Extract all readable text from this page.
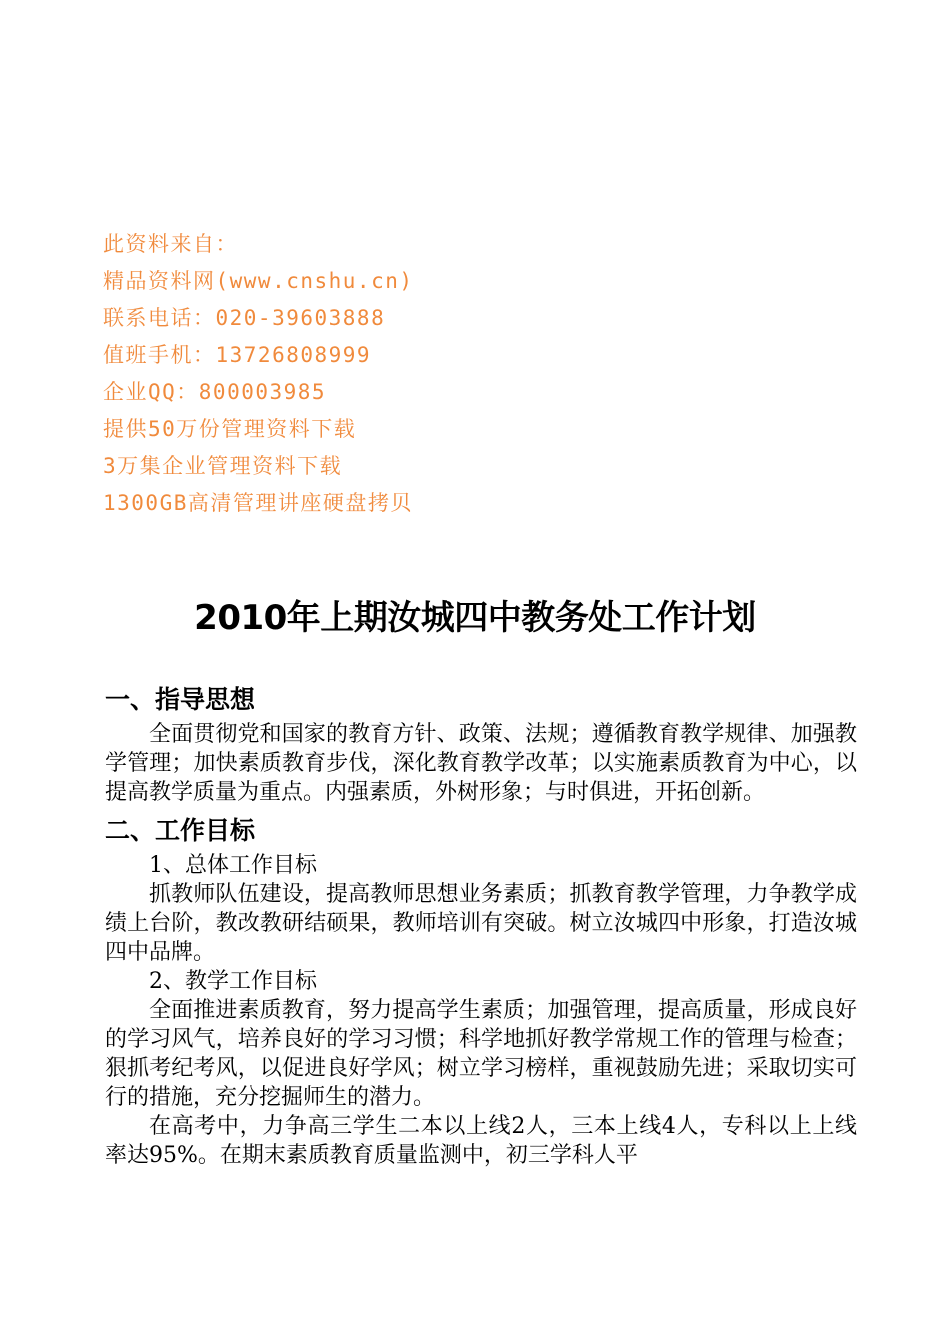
此资料来自：
精品资料网(www.cnshu.cn)
联系电话：020-39603888
值班手机：13726808999
企业QQ：800003985
提供50万份管理资料下载
3万集企业管理资料下载
1300GB高清管理讲座硬盘拷贝
2010年上期汝城四中教务处工作计划
一、指导思想

全面贯彻党和国家的教育方针、政策、法规；遵循教育教学规律、加强教学管理；加快素质教育步伐，深化教育教学改革；以实施素质教育为中心，以提高教学质量为重点。内强素质，外树形象；与时俱进，开拓创新。

二、工作目标

1、总体工作目标

抓教师队伍建设，提高教师思想业务素质；抓教育教学管理，力争教学成绩上台阶，教改教研结硕果，教师培训有突破。树立汝城四中形象，打造汝城四中品牌。

2、教学工作目标

全面推进素质教育，努力提高学生素质；加强管理，提高质量，形成良好的学习风气，培养良好的学习习惯；科学地抓好教学常规工作的管理与检查；狠抓考纪考风，以促进良好学风；树立学习榜样，重视鼓励先进；采取切实可行的措施，充分挖掘师生的潜力。

在高考中，力争高三学生二本以上线2人，三本上线4人，专科以上上线率达95%。在期末素质教育质量监测中，初三学科人平
